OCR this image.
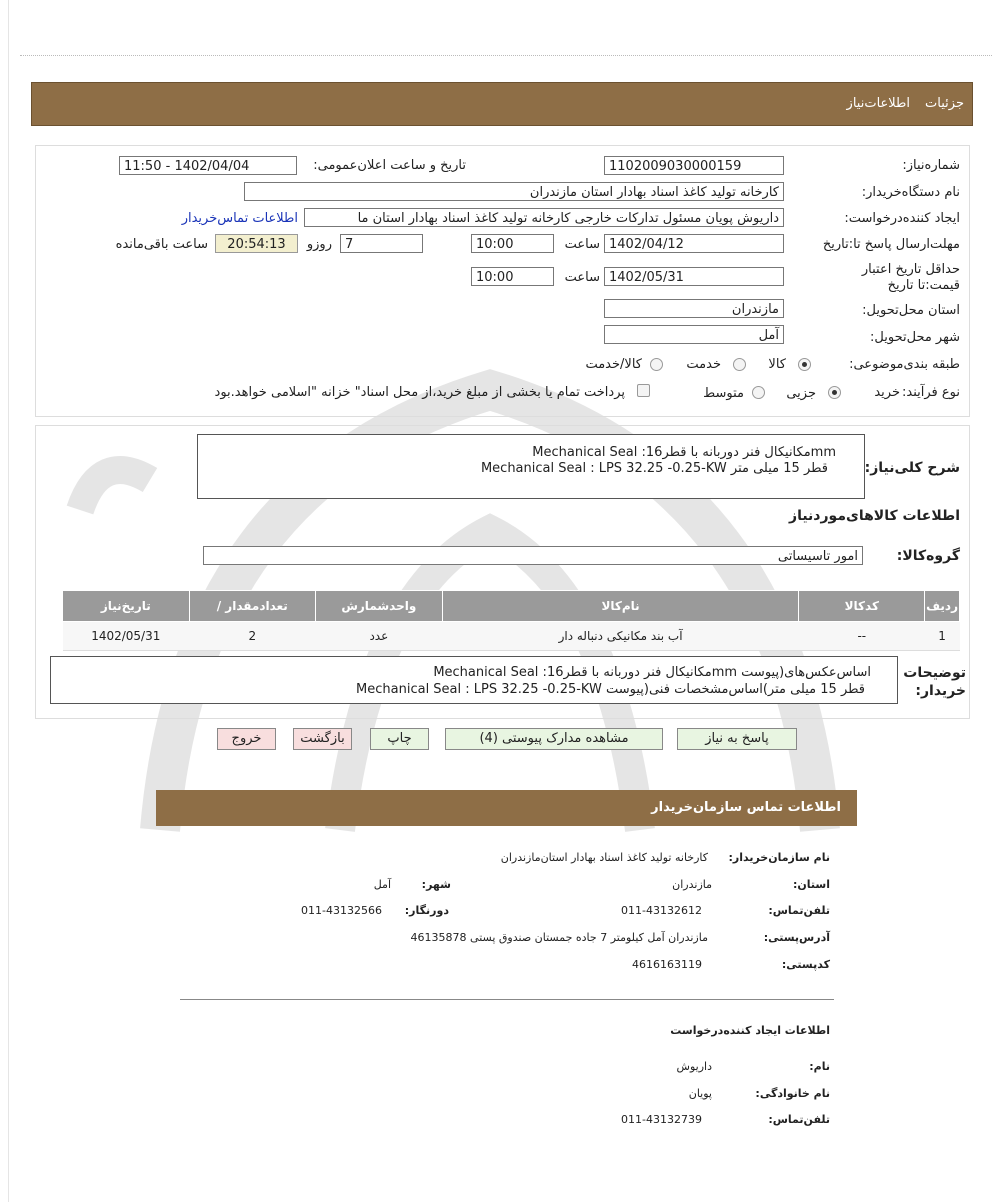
جزئیات
اطلاعات‌نیاز
شماره‌نیاز:
1102009030000159
تاریخ و ساعت اعلان‌عمومی:
1402/04/04 - 11:50
نام دستگاه‌خریدار:
کارخانه تولید کاغذ اسناد بهادار استان مازندران
ایجاد کننده‌درخواست:
داریوش پویان مسئول تدارکات خارجی کارخانه تولید کاغذ اسناد بهادار استان ما
اطلاعات تماس‌خریدار
مهلت‌ارسال پاسخ تا:تاریخ
1402/04/12
ساعت
10:00
7
روزو
20:54:13
ساعت باقی‌مانده
حداقل تاریخ اعتبار قیمت:تا تاریخ
1402/05/31
ساعت
10:00
استان محل‌تحویل:
مازندران
شهر محل‌تحویل:
آمل
طبقه بندی‌موضوعی:
کالا
خدمت
کالا/خدمت
نوع فرآیند:
خرید
جزیی
متوسط
پرداخت تمام یا بخشی از مبلغ خرید،از محل اسناد" خزانه "اسلامی خواهد.بود
شرح کلی‌نیاز:
Mechanical Seal :مکانیکال فنر دوربانه با قطر16mm
Mechanical Seal : LPS 32.25 -0.25-KW قطر 15 میلی متر
اطلاعات کالاهای‌موردنیاز
گروه‌کالا:
امور تاسیساتی
ردیف	کدکالا	نام‌کالا	واحدشمارش	تعداد‌مقدار /	تاریخ‌نیاز
1	--	آب بند مکانیکی دنباله دار	عدد	2	1402/05/31
توضیحات خریدار:
Mechanical Seal :مکانیکال فنر دوربانه با قطر16mm اساس‌عکس‌های(پیوست
Mechanical Seal : LPS 32.25 -0.25-KW قطر 15 میلی متر)اساس‌مشخصات فنی(پیوست
پاسخ به نیاز
مشاهده مدارک پیوستی (4)
چاپ
بازگشت
خروج
اطلاعات تماس سازمان‌خریدار
نام سازمان‌خریدار:
کارخانه تولید کاغذ اسناد بهادار استان‌مازندران
استان:
مازندران
شهر:
آمل
تلفن‌تماس:
011-43132612
دورنگار:
011-43132566
آدرس‌پستی:
مازندران آمل کیلومتر 7 جاده جمستان صندوق پستی 46135878
کدپستی:
4616163119
اطلاعات ایجاد کننده‌درخواست
نام:
داریوش
نام خانوادگی:
پویان
تلفن‌تماس:
011-43132739
